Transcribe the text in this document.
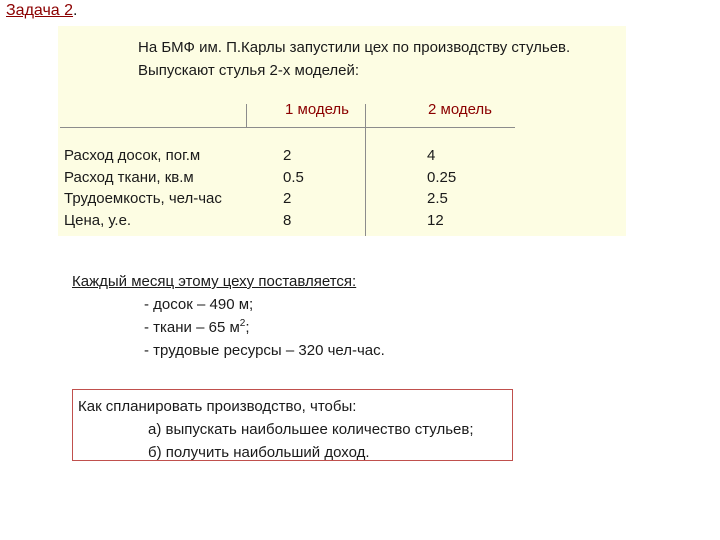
Задача 2.
На БМФ им. П.Карлы запустили цех по производству стульев.
Выпускают стулья 2-х моделей:
1 модель	2 модель
Расход досок, пог.м
Расход ткани, кв.м
Трудоемкость, чел-час
Цена, у.е.
2
0.5
2
8
4
0.25
2.5
12
Каждый месяц этому цеху поставляется:
- досок – 490 м;
- ткани – 65 $м^2$;
- трудовые ресурсы – 320 чел-час.
Как спланировать производство, чтобы:
а) выпускать наибольшее количество стульев;
б) получить наибольший доход.
